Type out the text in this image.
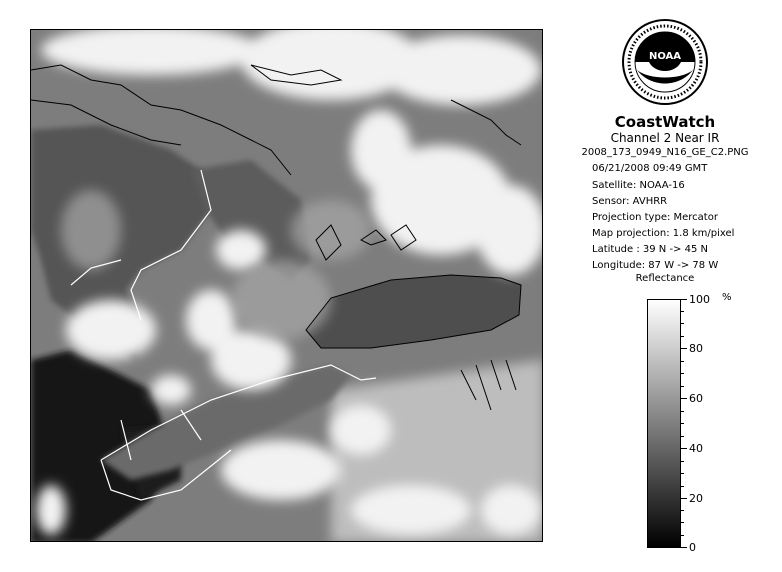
NOAA
CoastWatch
Channel 2 Near IR
2008_173_0949_N16_GE_C2.PNG
06/21/2008 09:49 GMT
Satellite: NOAA-16
Sensor: AVHRR
Projection type: Mercator
Map projection: 1.8 km/pixel
Latitude : 39 N -> 45 N
Longitude: 87 W -> 78 W
Reflectance
%
100
80
60
40
20
0
